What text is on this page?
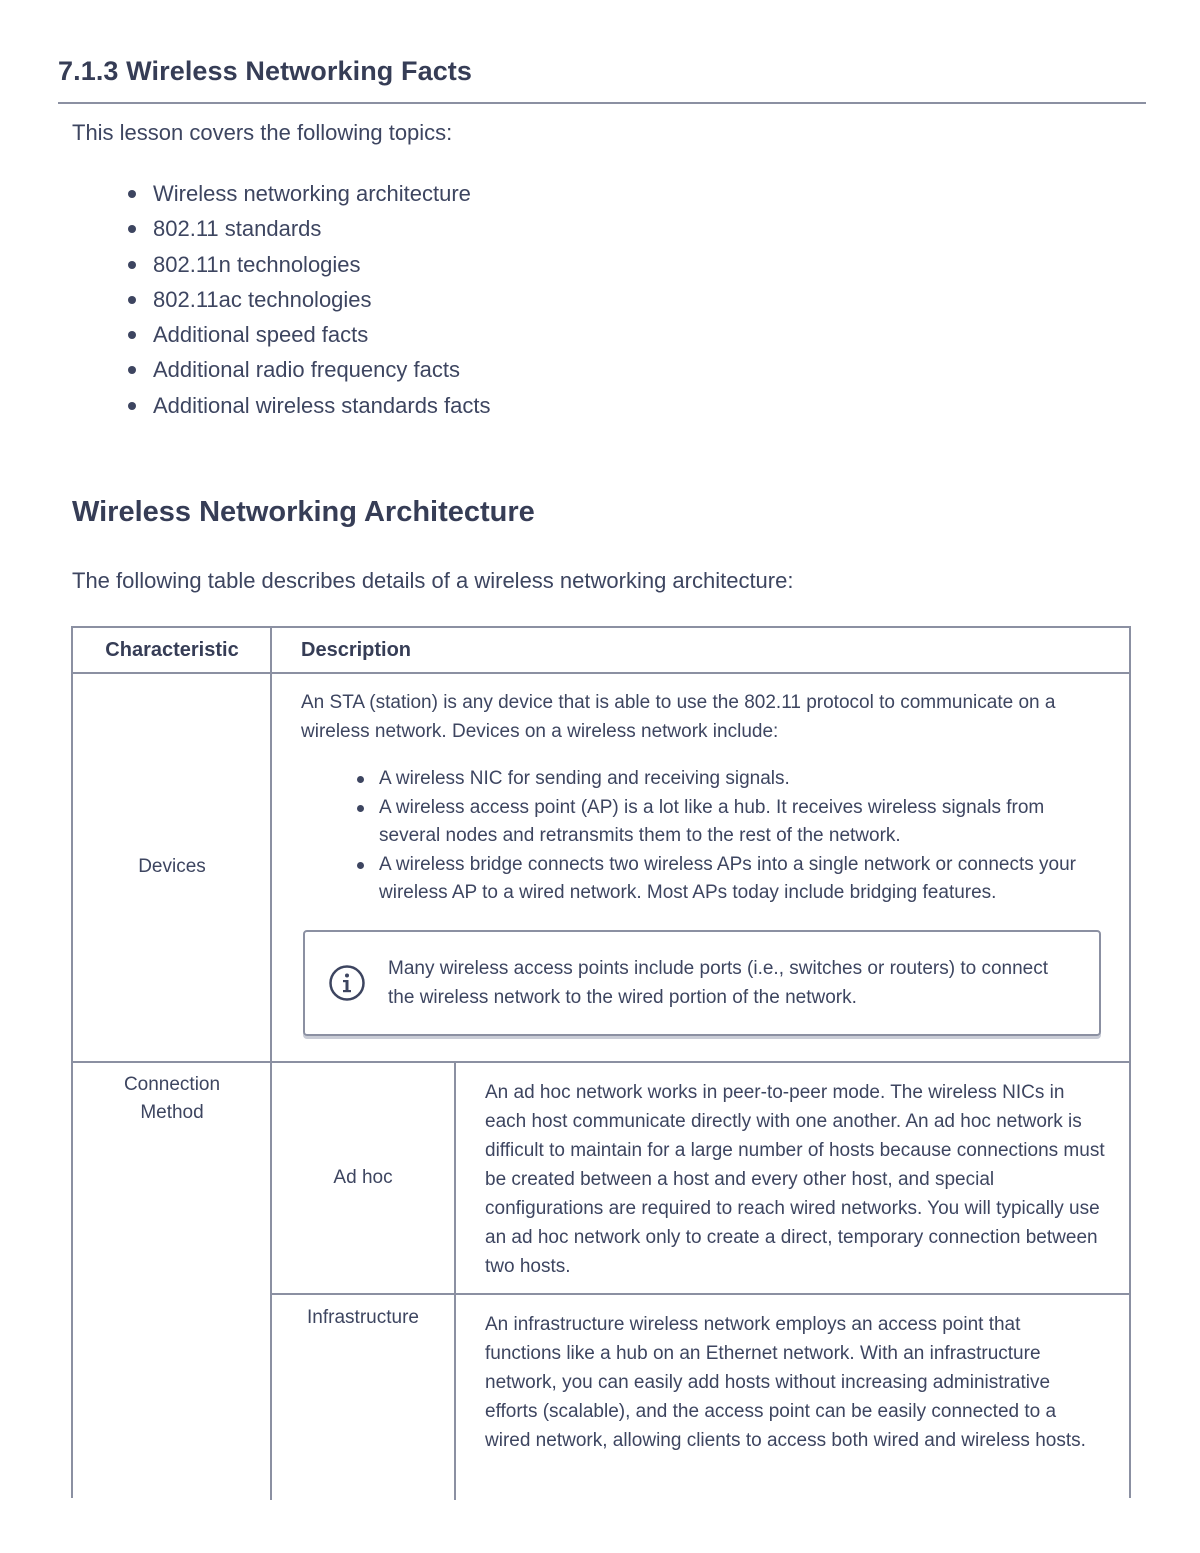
7.1.3 Wireless Networking Facts

This lesson covers the following topics:

Wireless networking architecture
802.11 standards
802.11n technologies
802.11ac technologies
Additional speed facts
Additional radio frequency facts
Additional wireless standards facts
Wireless Networking Architecture

The following table describes details of a wireless networking architecture:

Characteristic	Description
Devices
An STA (station) is any device that is able to use the 802.11 protocol to communicate on a wireless network. Devices on a wireless network include:
A wireless NIC for sending and receiving signals.
A wireless access point (AP) is a lot like a hub. It receives wireless signals from several nodes and retransmits them to the rest of the network.
A wireless bridge connects two wireless APs into a single network or connects your wireless AP to a wired network. Most APs today include bridging features.
Many wireless access points include ports (i.e., switches or routers) to connect the wireless network to the wired portion of the network.
Connection Method
Ad hoc
An ad hoc network works in peer-to-peer mode. The wireless NICs in each host communicate directly with one another. An ad hoc network is difficult to maintain for a large number of hosts because connections must be created between a host and every other host, and special configurations are required to reach wired networks. You will typically use an ad hoc network only to create a direct, temporary connection between two hosts.
Infrastructure	An infrastructure wireless network employs an access point that functions like a hub on an Ethernet network. With an infrastructure network, you can easily add hosts without increasing administrative efforts (scalable), and the access point can be easily connected to a wired network, allowing clients to access both wired and wireless hosts.
